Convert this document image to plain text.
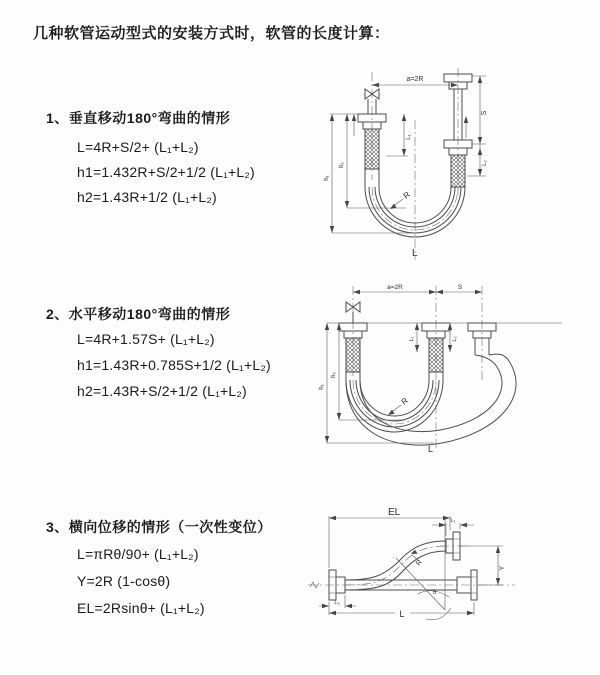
几种软管运动型式的安装方式时，软管的长度计算：
1、垂直移动180°弯曲的情形
L=4R+S/2+ (L₁+L₂)
h1=1.432R+S/2+1/2 (L₁+L₂)
h2=1.43R+1/2 (L₁+L₂)
2、水平移动180°弯曲的情形
L=4R+1.57S+ (L₁+L₂)
h1=1.43R+0.785S+1/2 (L₁+L₂)
h2=1.43R+S/2+1/2 (L₁+L₂)
3、横向位移的情形（一次性变位）
L=πRθ/90+ (L₁+L₂)
Y=2R (1-cosθ)
EL=2Rsinθ+ (L₁+L₂)
a=2R
h₁
h₂
L₁
S
L₂
R
L
a=2R	S
h₁
h₂
L₁	L₂
R
L
EL
L₁
Y
θ
R
L
L₂
